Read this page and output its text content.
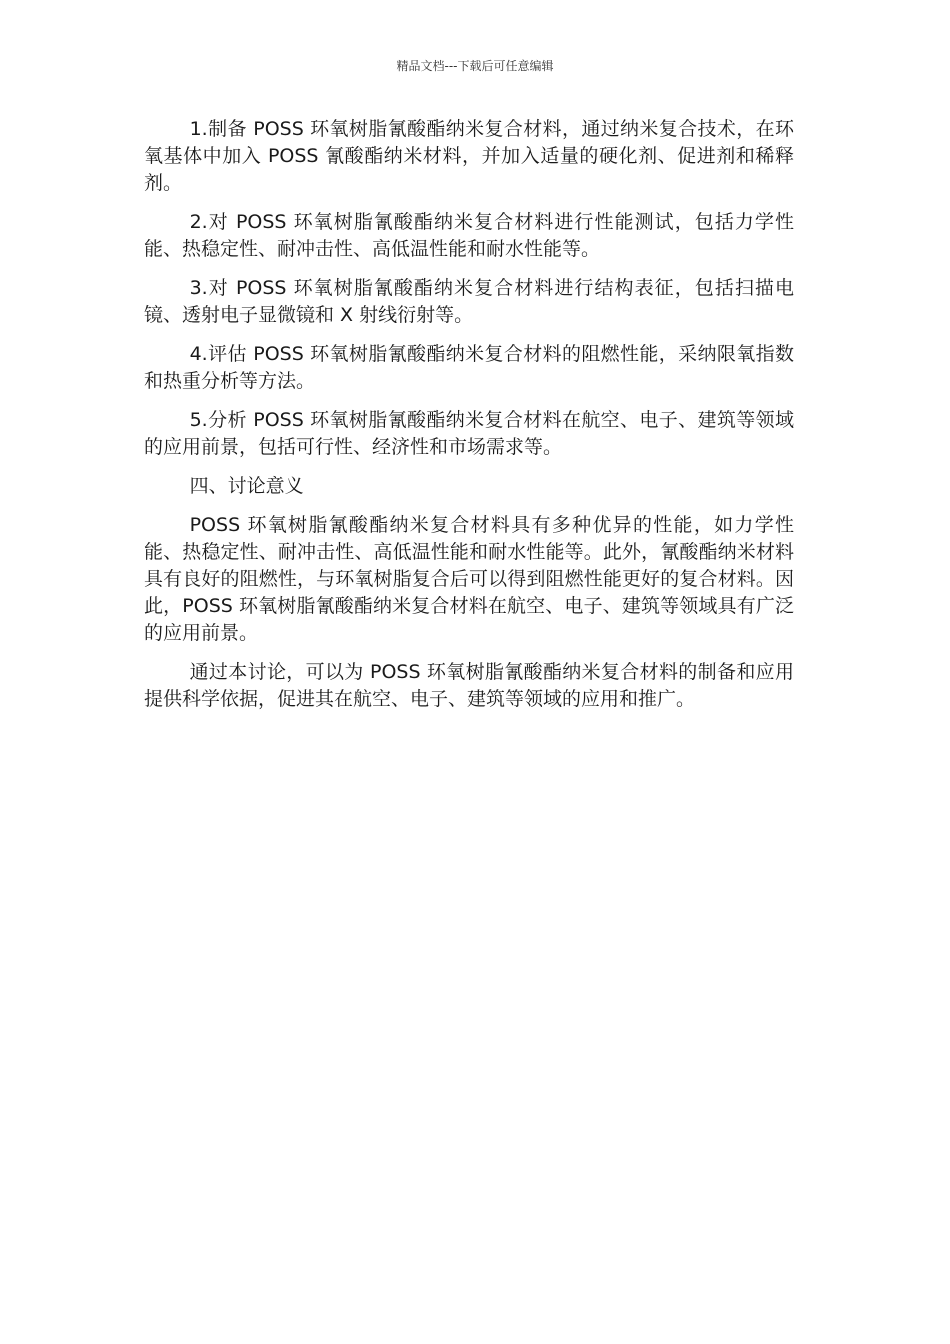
精品文档---下载后可任意编辑

1.制备 POSS 环氧树脂氰酸酯纳米复合材料，通过纳米复合技术，在环氧基体中加入 POSS 氰酸酯纳米材料，并加入适量的硬化剂、促进剂和稀释剂。

2.对 POSS 环氧树脂氰酸酯纳米复合材料进行性能测试，包括力学性能、热稳定性、耐冲击性、高低温性能和耐水性能等。

3.对 POSS 环氧树脂氰酸酯纳米复合材料进行结构表征，包括扫描电镜、透射电子显微镜和 X 射线衍射等。

4.评估 POSS 环氧树脂氰酸酯纳米复合材料的阻燃性能，采纳限氧指数和热重分析等方法。

5.分析 POSS 环氧树脂氰酸酯纳米复合材料在航空、电子、建筑等领域的应用前景，包括可行性、经济性和市场需求等。

四、讨论意义

POSS 环氧树脂氰酸酯纳米复合材料具有多种优异的性能，如力学性能、热稳定性、耐冲击性、高低温性能和耐水性能等。此外，氰酸酯纳米材料具有良好的阻燃性，与环氧树脂复合后可以得到阻燃性能更好的复合材料。因此，POSS 环氧树脂氰酸酯纳米复合材料在航空、电子、建筑等领域具有广泛的应用前景。

通过本讨论，可以为 POSS 环氧树脂氰酸酯纳米复合材料的制备和应用提供科学依据，促进其在航空、电子、建筑等领域的应用和推广。
